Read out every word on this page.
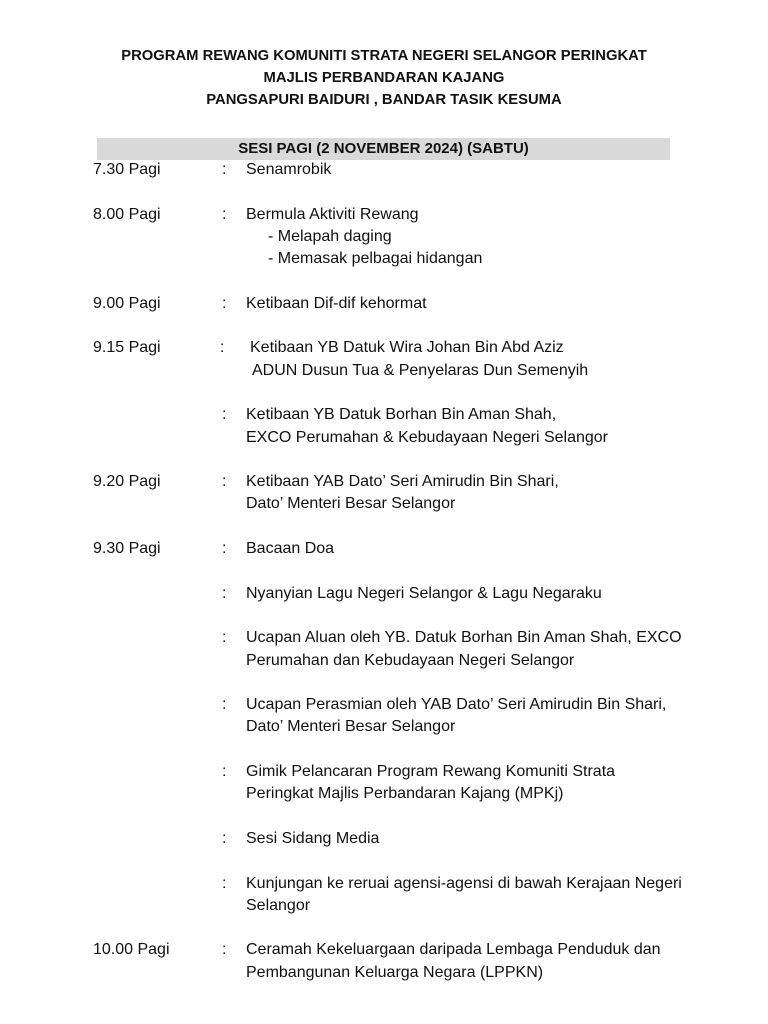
PROGRAM REWANG KOMUNITI STRATA NEGERI SELANGOR PERINGKAT
MAJLIS PERBANDARAN KAJANG
PANGSAPURI BAIDURI , BANDAR TASIK KESUMA
SESI PAGI (2 NOVEMBER 2024) (SABTU)
7.30 Pagi	:	Senamrobik
8.00 Pagi	:	Bermula Aktiviti Rewang
- Melapah daging
- Memasak pelbagai hidangan
9.00 Pagi	:	Ketibaan Dif-dif kehormat
9.15 Pagi	:	Ketibaan YB Datuk Wira Johan Bin Abd Aziz
ADUN Dusun Tua & Penyelaras Dun Semenyih
:	Ketibaan YB Datuk Borhan Bin Aman Shah,
EXCO Perumahan & Kebudayaan Negeri Selangor
9.20 Pagi	:	Ketibaan YAB Dato’ Seri Amirudin Bin Shari,
Dato’ Menteri Besar Selangor
9.30 Pagi	:	Bacaan Doa
:	Nyanyian Lagu Negeri Selangor & Lagu Negaraku
:	Ucapan Aluan oleh YB. Datuk Borhan Bin Aman Shah, EXCO
Perumahan dan Kebudayaan Negeri Selangor
:	Ucapan Perasmian oleh YAB Dato’ Seri Amirudin Bin Shari,
Dato’ Menteri Besar Selangor
:	Gimik Pelancaran Program Rewang Komuniti Strata
Peringkat Majlis Perbandaran Kajang (MPKj)
:	Sesi Sidang Media
:	Kunjungan ke reruai agensi-agensi di bawah Kerajaan Negeri
Selangor
10.00 Pagi	:	Ceramah Kekeluargaan daripada Lembaga Penduduk dan
Pembangunan Keluarga Negara (LPPKN)
